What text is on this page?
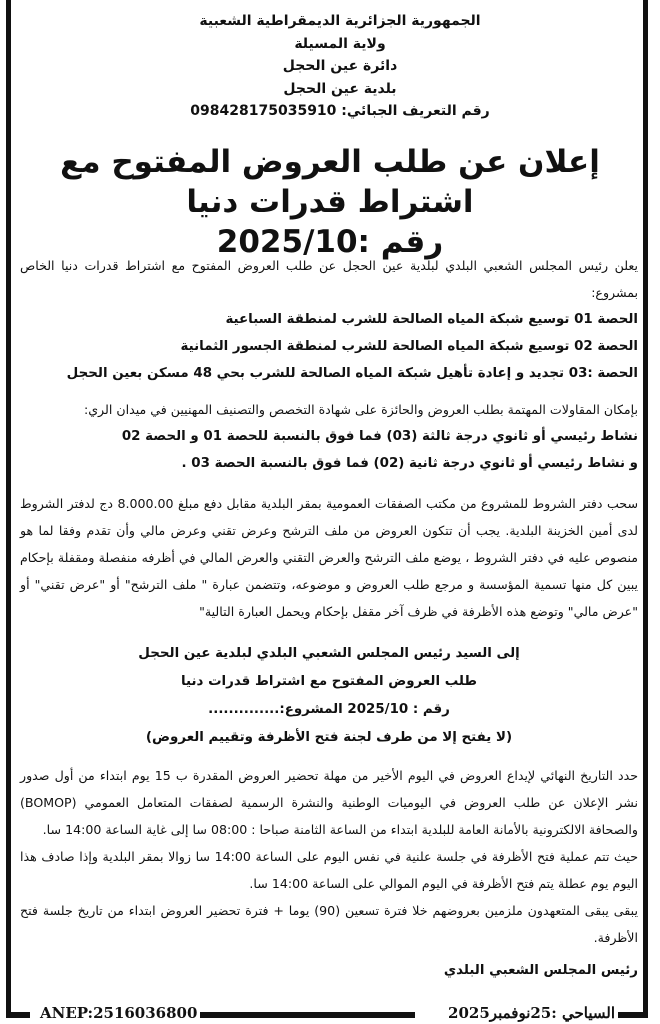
الجمهورية الجزائرية الديمقراطية الشعبية
ولاية المسيلة
دائرة عين الحجل
بلدية عين الحجل
رقم التعريف الجبائي: 098428175035910
إعلان عن طلب العروض المفتوح مع اشتراط قدرات دنيا
رقم :2025/10

يعلن رئيس المجلس الشعبي البلدي لبلدية عين الحجل عن طلب العروض المفتوح مع اشتراط قدرات دنيا الخاص بمشروع:

الحصة 01 توسيع شبكة المياه الصالحة للشرب لمنطقة السباعية

الحصة 02 توسيع شبكة المياه الصالحة للشرب لمنطقة الجسور الثمانية

الحصة :03 تجديد و إعادة تأهيل شبكة المياه الصالحة للشرب بحي 48 مسكن بعين الحجل

بإمكان المقاولات المهتمة بطلب العروض والحائزة على شهادة التخصص والتصنيف المهنيين في ميدان الري:

نشاط رئيسي أو ثانوي درجة ثالثة (03) فما فوق بالنسبة للحصة 01 و الحصة 02

و نشاط رئيسي أو ثانوي درجة ثانية (02) فما فوق بالنسبة الحصة 03 .

سحب دفتر الشروط للمشروع من مكتب الصفقات العمومية بمقر البلدية مقابل دفع مبلغ 8.000.00 دج لدفتر الشروط لدى أمين الخزينة البلدية. يجب أن تتكون العروض من ملف الترشح وعرض تقني وعرض مالي وأن تقدم وفقا لما هو منصوص عليه في دفتر الشروط ، يوضع ملف الترشح والعرض التقني والعرض المالي في أظرفه منفصلة ومقفلة بإحكام يبين كل منها تسمية المؤسسة و مرجع طلب العروض و موضوعه، وتتضمن عبارة " ملف الترشح" أو "عرض تقني" أو "عرض مالي" وتوضع هذه الأظرفة في ظرف آخر مقفل بإحكام ويحمل العبارة التالية"

إلى السيد رئيس المجلس الشعبي البلدي لبلدية عين الحجل

طلب العروض المفتوح مع اشتراط قدرات دنيا

رقم : 2025/10 المشروع:..............

(لا يفتح إلا من طرف لجنة فتح الأظرفة وتقييم العروض)

حدد التاريخ النهائي لإيداع العروض في اليوم الأخير من مهلة تحضير العروض المقدرة ب 15 يوم ابتداء من أول صدور نشر الإعلان عن طلب العروض في اليوميات الوطنية والنشرة الرسمية لصفقات المتعامل العمومي (BOMOP) والصحافة الالكترونية بالأمانة العامة للبلدية ابتداء من الساعة الثامنة صباحا : 08:00 سا إلى غاية الساعة 14:00 سا.

حيث تتم عملية فتح الأظرفة في جلسة علنية في نفس اليوم على الساعة 14:00 سا زوالا بمقر البلدية وإذا صادف هذا اليوم يوم عطلة يتم فتح الأظرفة في اليوم الموالي على الساعة 14:00 سا.

يبقى يبقى المتعهدون ملزمين بعروضهم خلا فترة تسعين (90) يوما + فترة تحضير العروض ابتداء من تاريخ جلسة فتح الأظرفة.

رئيس المجلس الشعبي البلدي

ANEP:2516036800	السياحي :25نوفمبر2025
